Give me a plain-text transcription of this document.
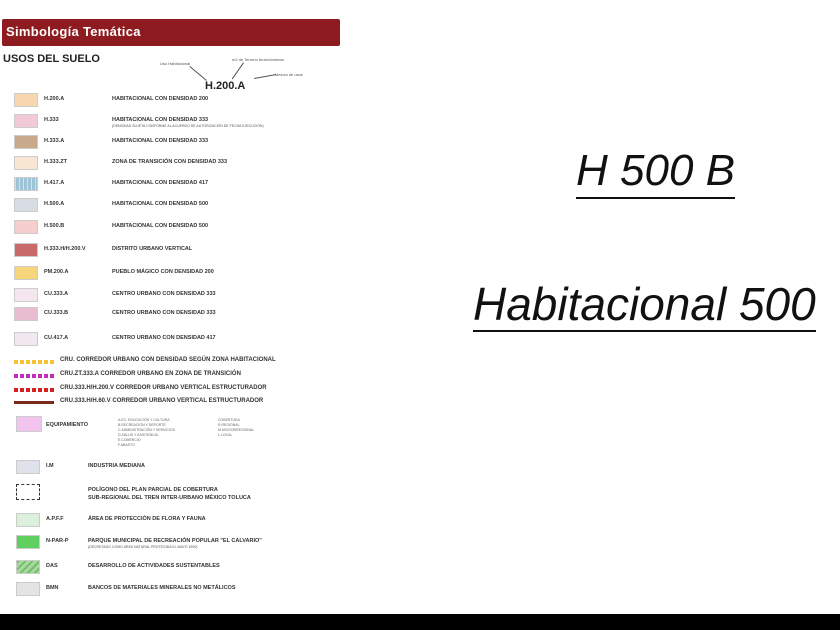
Simbología Temática
USOS DEL SUELO	Uso Habitacional
m2 de Terreno bruto/vivienda
Mezcla de usos
H.200.A
H.200.A	HABITACIONAL CON DENSIDAD 200
H.333	HABITACIONAL CON DENSIDAD 333
(DENSIDAD SUJETA CONFORME AL ACUERDO DE AUTORIZACIÓN DE FECHA EJECUCIÓN)
H.333.A	HABITACIONAL CON DENSIDAD 333
H.333.ZT	ZONA DE TRANSICIÓN CON DENSIDAD 333
H.417.A	HABITACIONAL CON DENSIDAD 417
H.500.A	HABITACIONAL CON DENSIDAD 500
H.500.B	HABITACIONAL CON DENSIDAD 500
H.333.H/H.200.V	DISTRITO URBANO VERTICAL
PM.200.A	PUEBLO MÁGICO CON DENSIDAD 200
CU.333.A	CENTRO URBANO CON DENSIDAD 333
CU.333.B	CENTRO URBANO CON DENSIDAD 333
CU.417.A	CENTRO URBANO CON DENSIDAD 417
CRU. CORREDOR URBANO CON DENSIDAD SEGÚN ZONA HABITACIONAL
CRU.ZT.333.A CORREDOR URBANO EN ZONA DE TRANSICIÓN
CRU.333.H/H.200.V CORREDOR URBANO VERTICAL ESTRUCTURADOR
CRU.333.H/H.60.V CORREDOR URBANO VERTICAL ESTRUCTURADOR
EQUIPAMIENTO
A.EC. EDUCACIÓN Y CULTURA
B.RECREACIÓN Y DEPORTE
C.ADMINISTRACIÓN Y SERVICIOS
D.SALUD Y ASISTENCIA
E.COMERCIO
F.ABASTO
COBERTURA
R.REGIONAL
M.MICRORREGIONAL
L.LOCAL
I.M	INDUSTRIA MEDIANA
POLÍGONO DEL PLAN PARCIAL DE COBERTURA
SUB-REGIONAL DEL TREN INTER-URBANO MÉXICO TOLUCA
A.P.F.F	ÁREA DE PROTECCIÓN DE FLORA Y FAUNA
N-PAR-P	PARQUE MUNICIPAL DE RECREACIÓN POPULAR "EL CALVARIO"
(DECRETADO COMO ÁREA NATURAL PROTEGIDA EL MAYO 1990)
DAS	DESARROLLO DE ACTIVIDADES SUSTENTABLES
BMN	BANCOS DE MATERIALES MINERALES NO METÁLICOS
H 500 B
Habitacional 500
